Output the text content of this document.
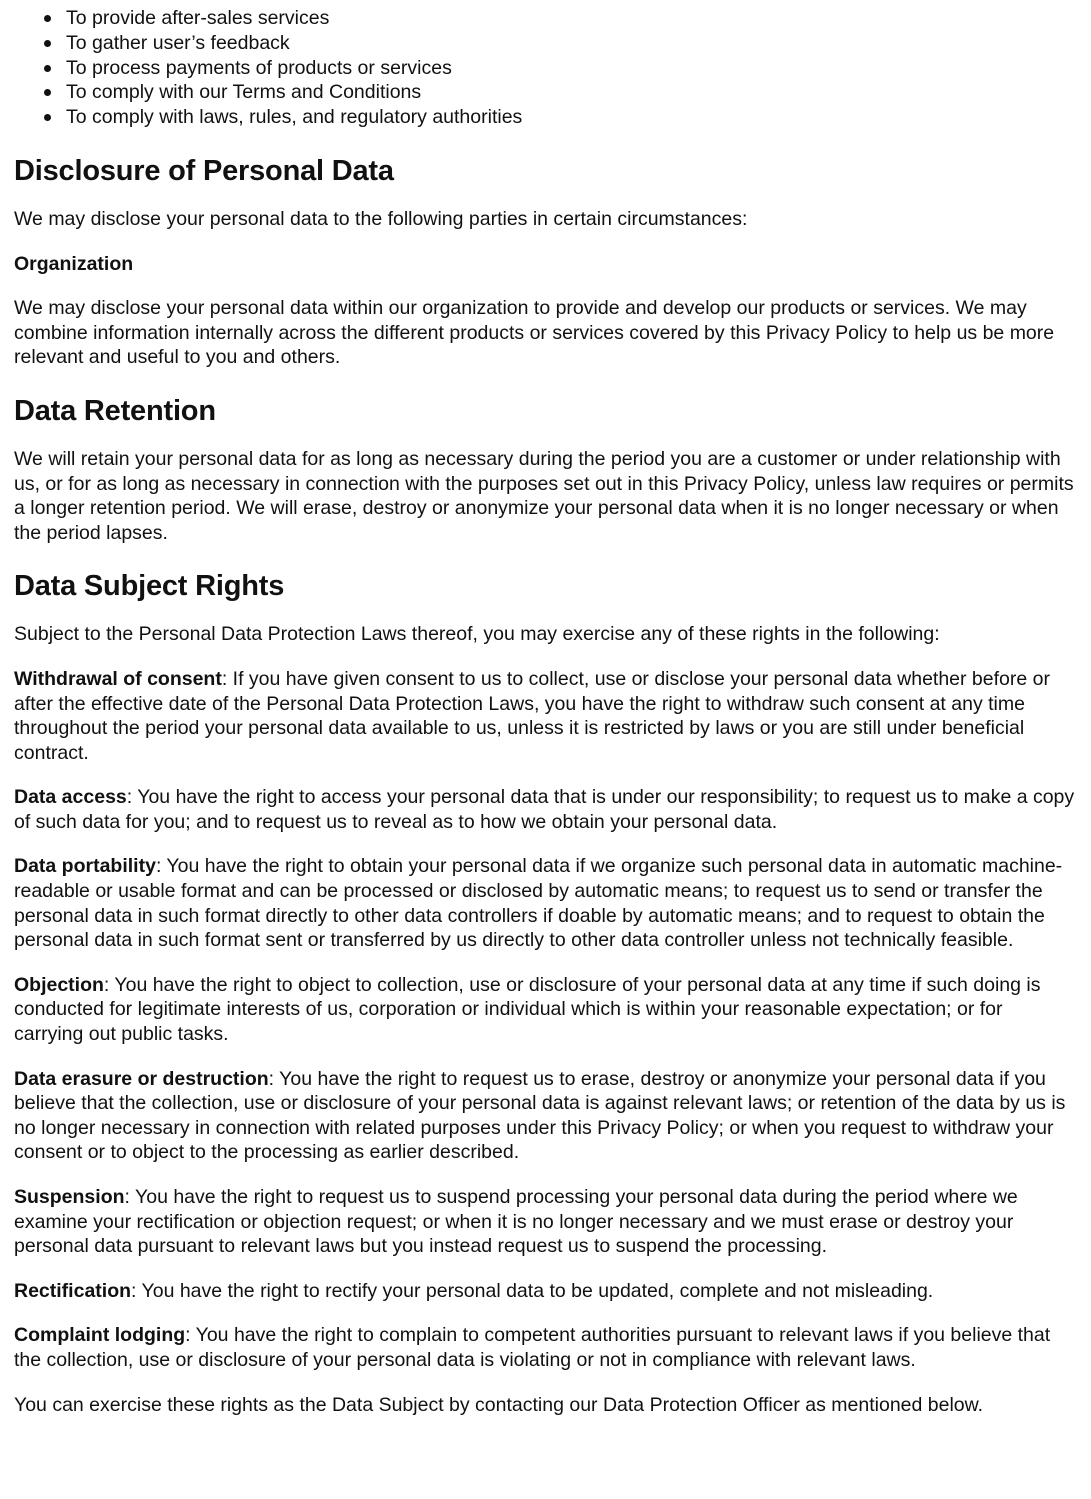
To provide after-sales services
To gather user’s feedback
To process payments of products or services
To comply with our Terms and Conditions
To comply with laws, rules, and regulatory authorities
Disclosure of Personal Data

We may disclose your personal data to the following parties in certain circumstances:

Organization

We may disclose your personal data within our organization to provide and develop our products or services. We may combine information internally across the different products or services covered by this Privacy Policy to help us be more relevant and useful to you and others.

Data Retention

We will retain your personal data for as long as necessary during the period you are a customer or under relationship with us, or for as long as necessary in connection with the purposes set out in this Privacy Policy, unless law requires or permits a longer retention period. We will erase, destroy or anonymize your personal data when it is no longer necessary or when the period lapses.

Data Subject Rights

Subject to the Personal Data Protection Laws thereof, you may exercise any of these rights in the following:

Withdrawal of consent: If you have given consent to us to collect, use or disclose your personal data whether before or after the effective date of the Personal Data Protection Laws, you have the right to withdraw such consent at any time throughout the period your personal data available to us, unless it is restricted by laws or you are still under beneficial contract.

Data access: You have the right to access your personal data that is under our responsibility; to request us to make a copy of such data for you; and to request us to reveal as to how we obtain your personal data.

Data portability: You have the right to obtain your personal data if we organize such personal data in automatic machine-readable or usable format and can be processed or disclosed by automatic means; to request us to send or transfer the personal data in such format directly to other data controllers if doable by automatic means; and to request to obtain the personal data in such format sent or transferred by us directly to other data controller unless not technically feasible.

Objection: You have the right to object to collection, use or disclosure of your personal data at any time if such doing is conducted for legitimate interests of us, corporation or individual which is within your reasonable expectation; or for carrying out public tasks.

Data erasure or destruction: You have the right to request us to erase, destroy or anonymize your personal data if you believe that the collection, use or disclosure of your personal data is against relevant laws; or retention of the data by us is no longer necessary in connection with related purposes under this Privacy Policy; or when you request to withdraw your consent or to object to the processing as earlier described.

Suspension: You have the right to request us to suspend processing your personal data during the period where we examine your rectification or objection request; or when it is no longer necessary and we must erase or destroy your personal data pursuant to relevant laws but you instead request us to suspend the processing.

Rectification: You have the right to rectify your personal data to be updated, complete and not misleading.

Complaint lodging: You have the right to complain to competent authorities pursuant to relevant laws if you believe that the collection, use or disclosure of your personal data is violating or not in compliance with relevant laws.

You can exercise these rights as the Data Subject by contacting our Data Protection Officer as mentioned below.
